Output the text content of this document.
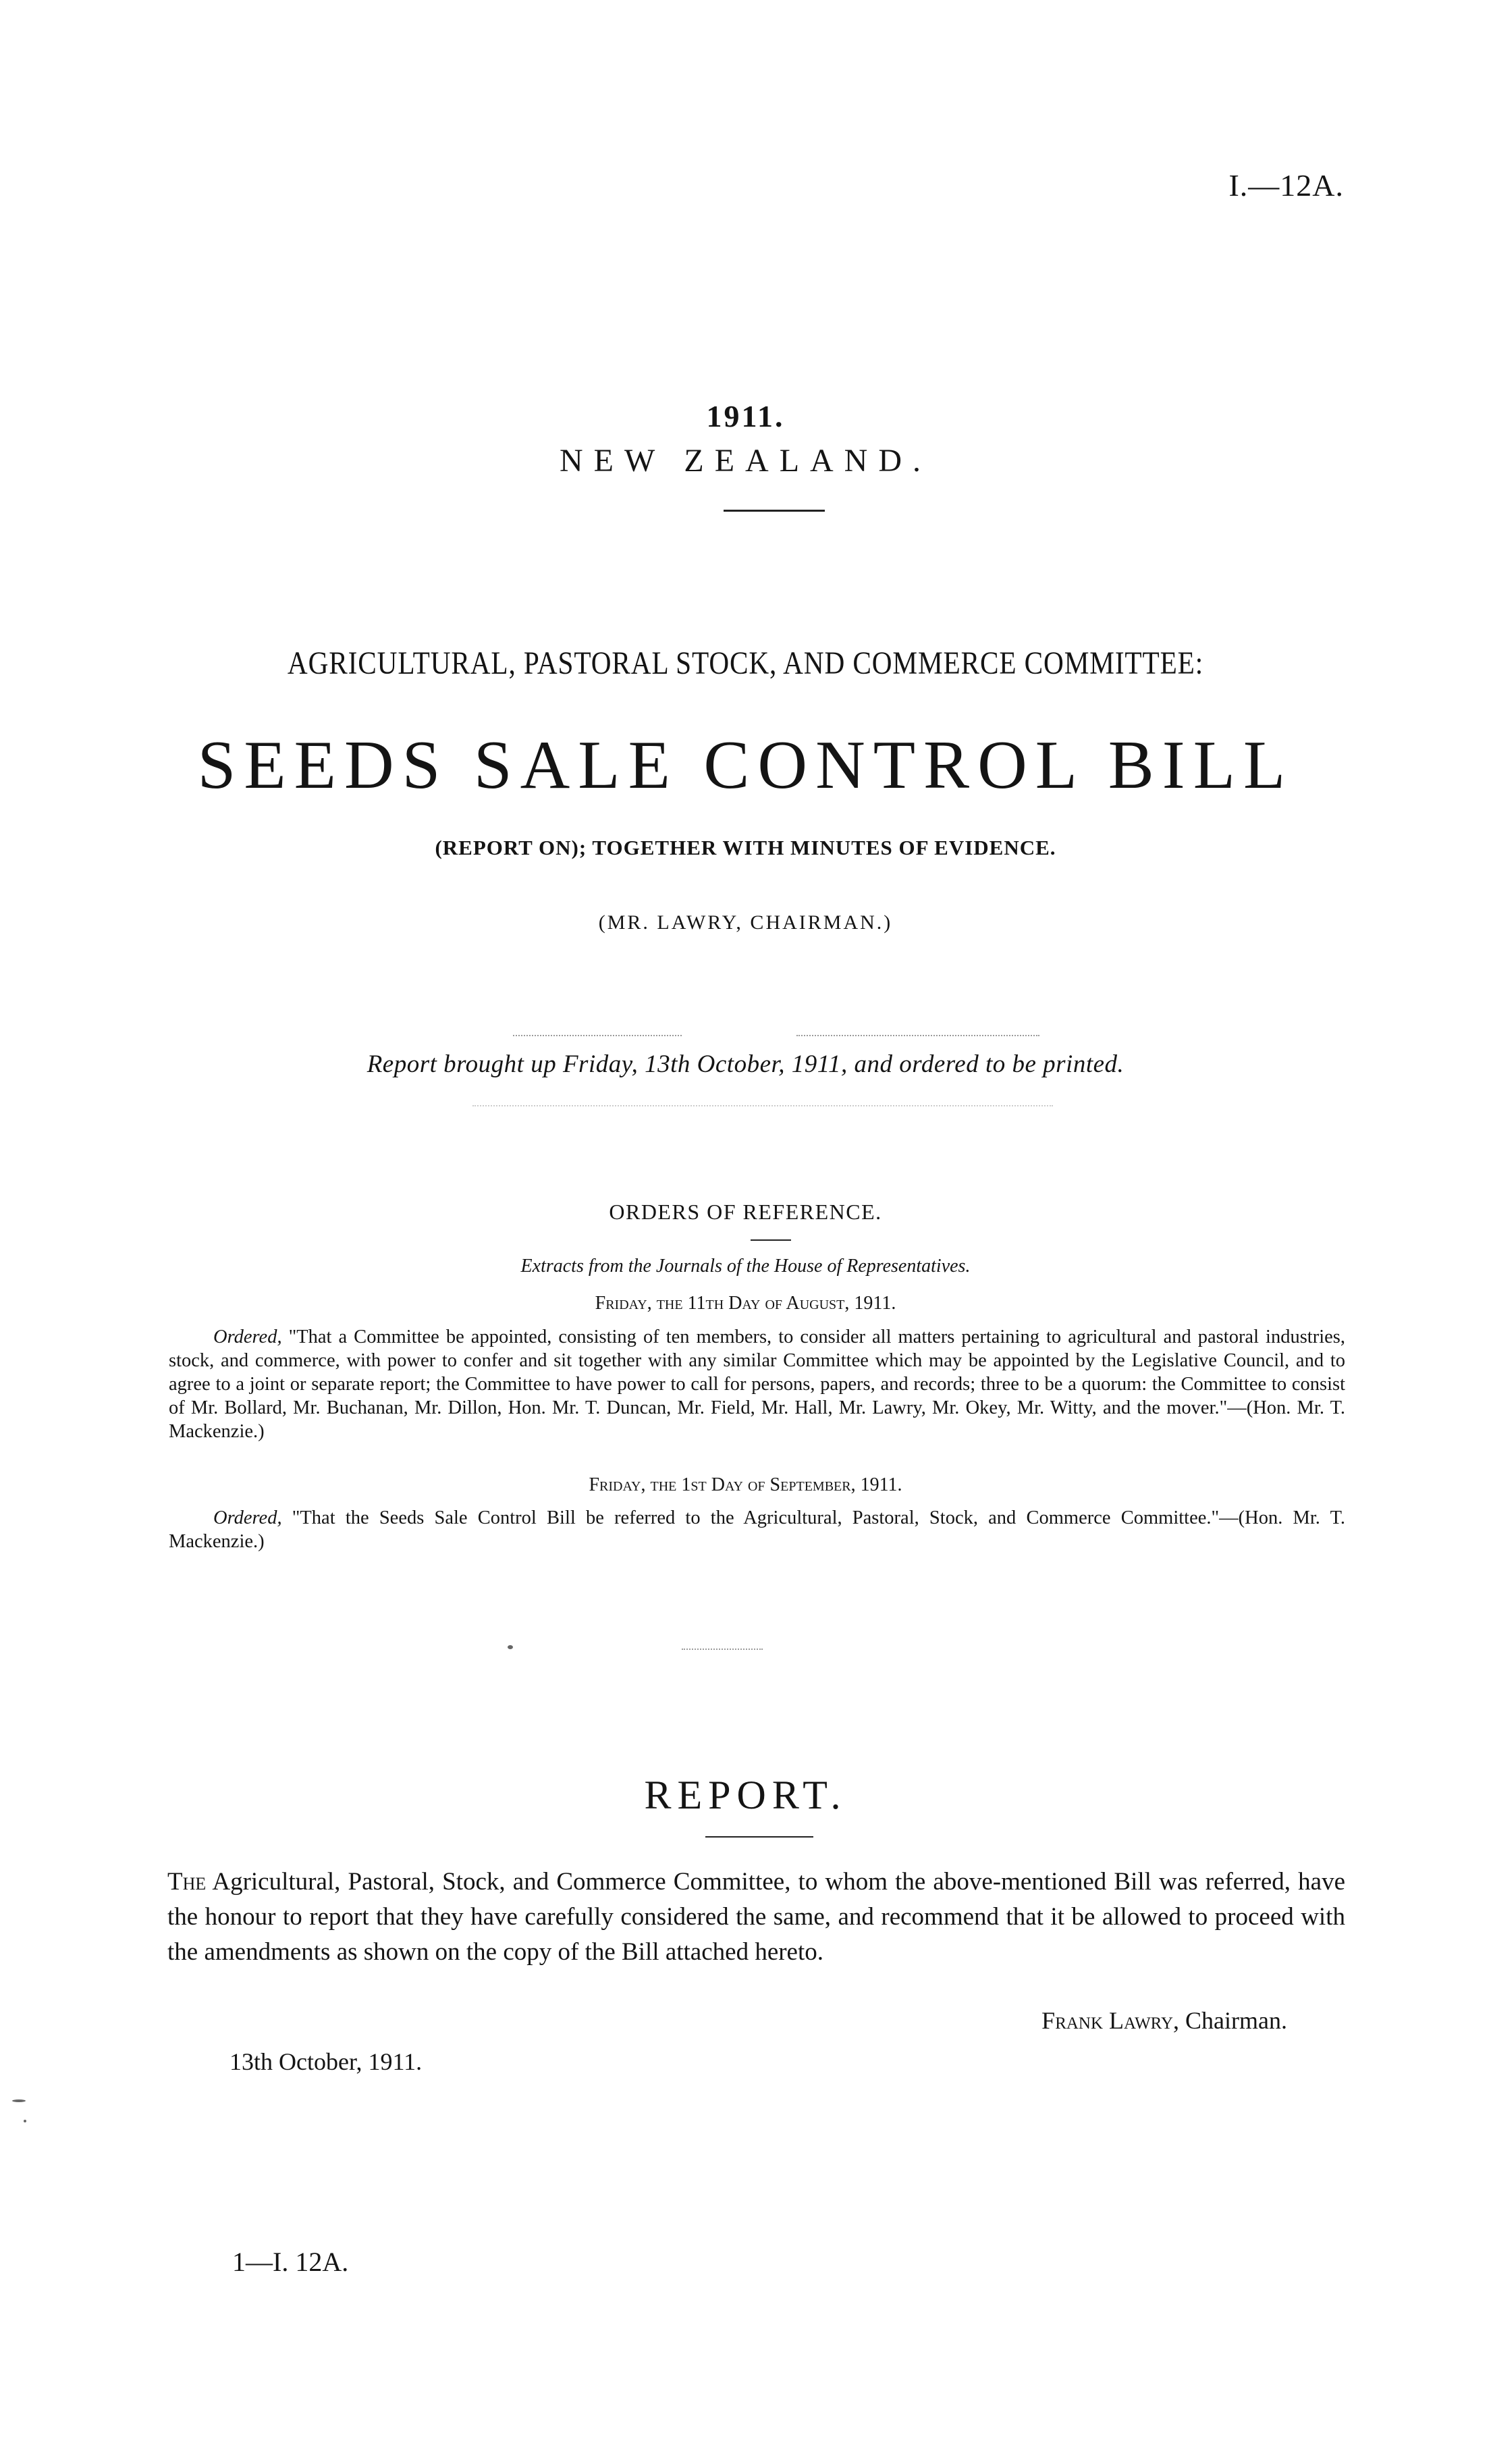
I.—12A.
1911.
NEW ZEALAND.
AGRICULTURAL, PASTORAL STOCK, AND COMMERCE COMMITTEE:
SEEDS SALE CONTROL BILL
(REPORT ON); TOGETHER WITH MINUTES OF EVIDENCE.
(MR. LAWRY, CHAIRMAN.)
Report brought up Friday, 13th October, 1911, and ordered to be printed.
ORDERS OF REFERENCE.
Extracts from the Journals of the House of Representatives.
Friday, the 11th Day of August, 1911.
Ordered, "That a Committee be appointed, consisting of ten members, to consider all matters pertaining to agricultural and pastoral industries, stock, and commerce, with power to confer and sit together with any similar Committee which may be appointed by the Legislative Council, and to agree to a joint or separate report; the Committee to have power to call for persons, papers, and records; three to be a quorum: the Committee to consist of Mr. Bollard, Mr. Buchanan, Mr. Dillon, Hon. Mr. T. Duncan, Mr. Field, Mr. Hall, Mr. Lawry, Mr. Okey, Mr. Witty, and the mover."—(Hon. Mr. T. Mackenzie.)
Friday, the 1st Day of September, 1911.
Ordered, "That the Seeds Sale Control Bill be referred to the Agricultural, Pastoral, Stock, and Commerce Committee."—(Hon. Mr. T. Mackenzie.)
REPORT.
The Agricultural, Pastoral, Stock, and Commerce Committee, to whom the above-mentioned Bill was referred, have the honour to report that they have carefully considered the same, and recommend that it be allowed to proceed with the amendments as shown on the copy of the Bill attached hereto.
Frank Lawry, Chairman.
13th October, 1911.
1—I. 12A.
